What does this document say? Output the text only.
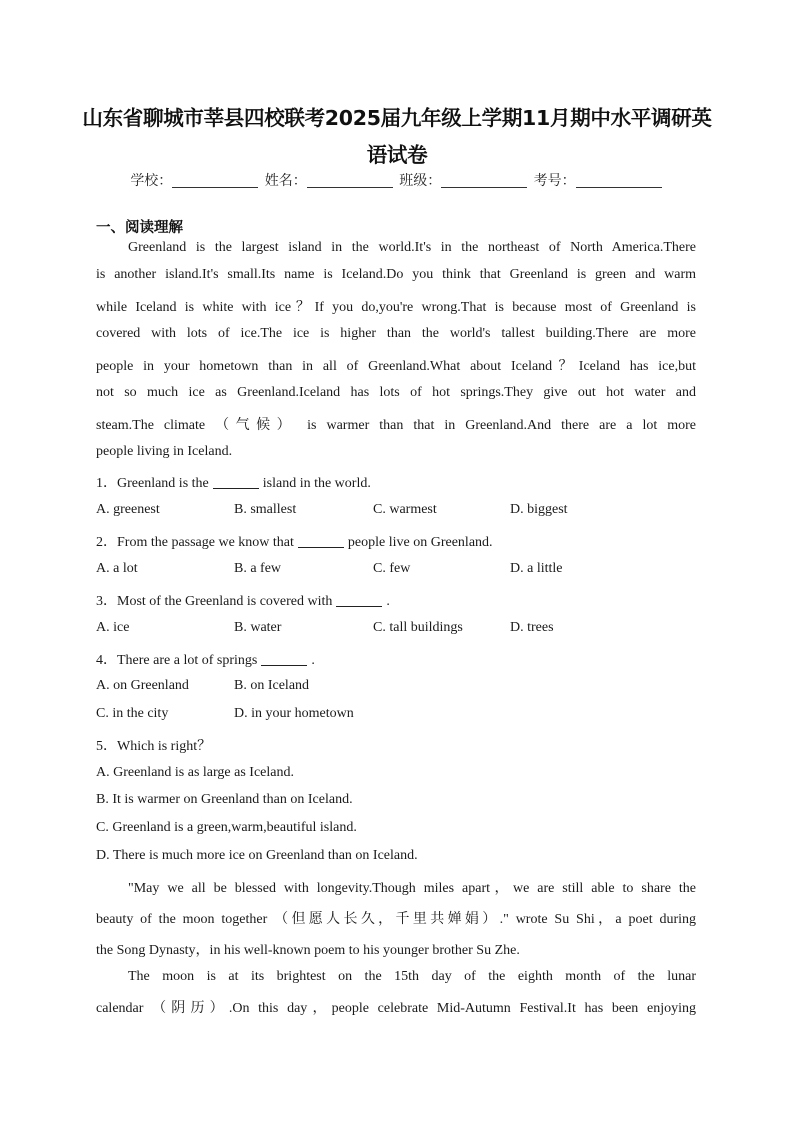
山东省聊城市莘县四校联考2025届九年级上学期11月期中水平调研英
语试卷
学校：	姓名：	班级：	考号：
一、阅读理解
Greenland is the largest island in the world.It's in the northeast of North America.There
is another island.It's small.Its name is Iceland.Do you think that Greenland is green and warm
while Iceland is white with ice？If you do,you're wrong.That is because most of Greenland is
covered with lots of ice.The ice is higher than the world's tallest building.There are more
people in your hometown than in all of Greenland.What about Iceland？Iceland has ice,but
not so much ice as Greenland.Iceland has lots of hot springs.They give out hot water and
steam.The climate （气候） is warmer than that in Greenland.And there are a lot more
people living in Iceland.
1．Greenland is the	island in the world.
A. greenest	B. smallest	C. warmest	D. biggest
2．From the passage we know that	people live on Greenland.
A. a lot	B. a few	C. few	D. a little
3．Most of the Greenland is covered with	.
A. ice	B. water	C. tall buildings	D. trees
4．There are a lot of springs	.
A. on Greenland	B. on Iceland
C. in the city	D. in your hometown
5．Which is right？
A. Greenland is as large as Iceland.
B. It is warmer on Greenland than on Iceland.
C. Greenland is a green,warm,beautiful island.
D. There is much more ice on Greenland than on Iceland.
"May we all be blessed with longevity.Though miles apart，we are still able to share the
beauty of the moon together （但愿人长久，千里共婵娟）." wrote Su Shi，a poet during
the Song Dynasty，in his well-known poem to his younger brother Su Zhe.
The moon is at its brightest on the 15th day of the eighth month of the lunar
calendar （阴历）.On this day，people celebrate Mid-Autumn Festival.It has been enjoying
